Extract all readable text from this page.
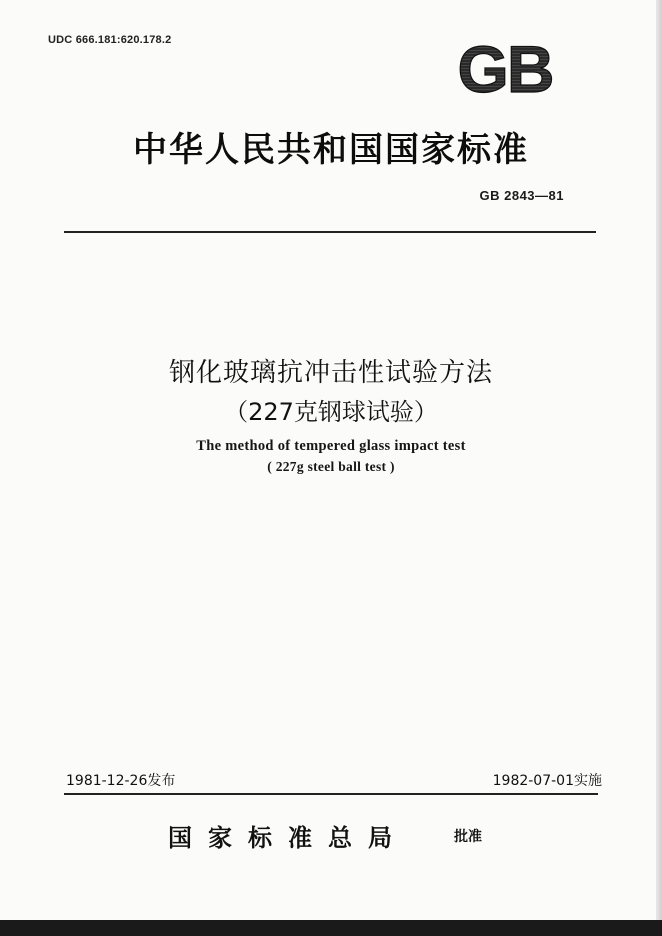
UDC 666.181:620.178.2	GB
中华人民共和国国家标准
GB 2843—81
钢化玻璃抗冲击性试验方法
（227克钢球试验）
The method of tempered glass impact test
( 227g steel ball test )
1981-12-26发布	1982-07-01实施
国家标准总局	批准
